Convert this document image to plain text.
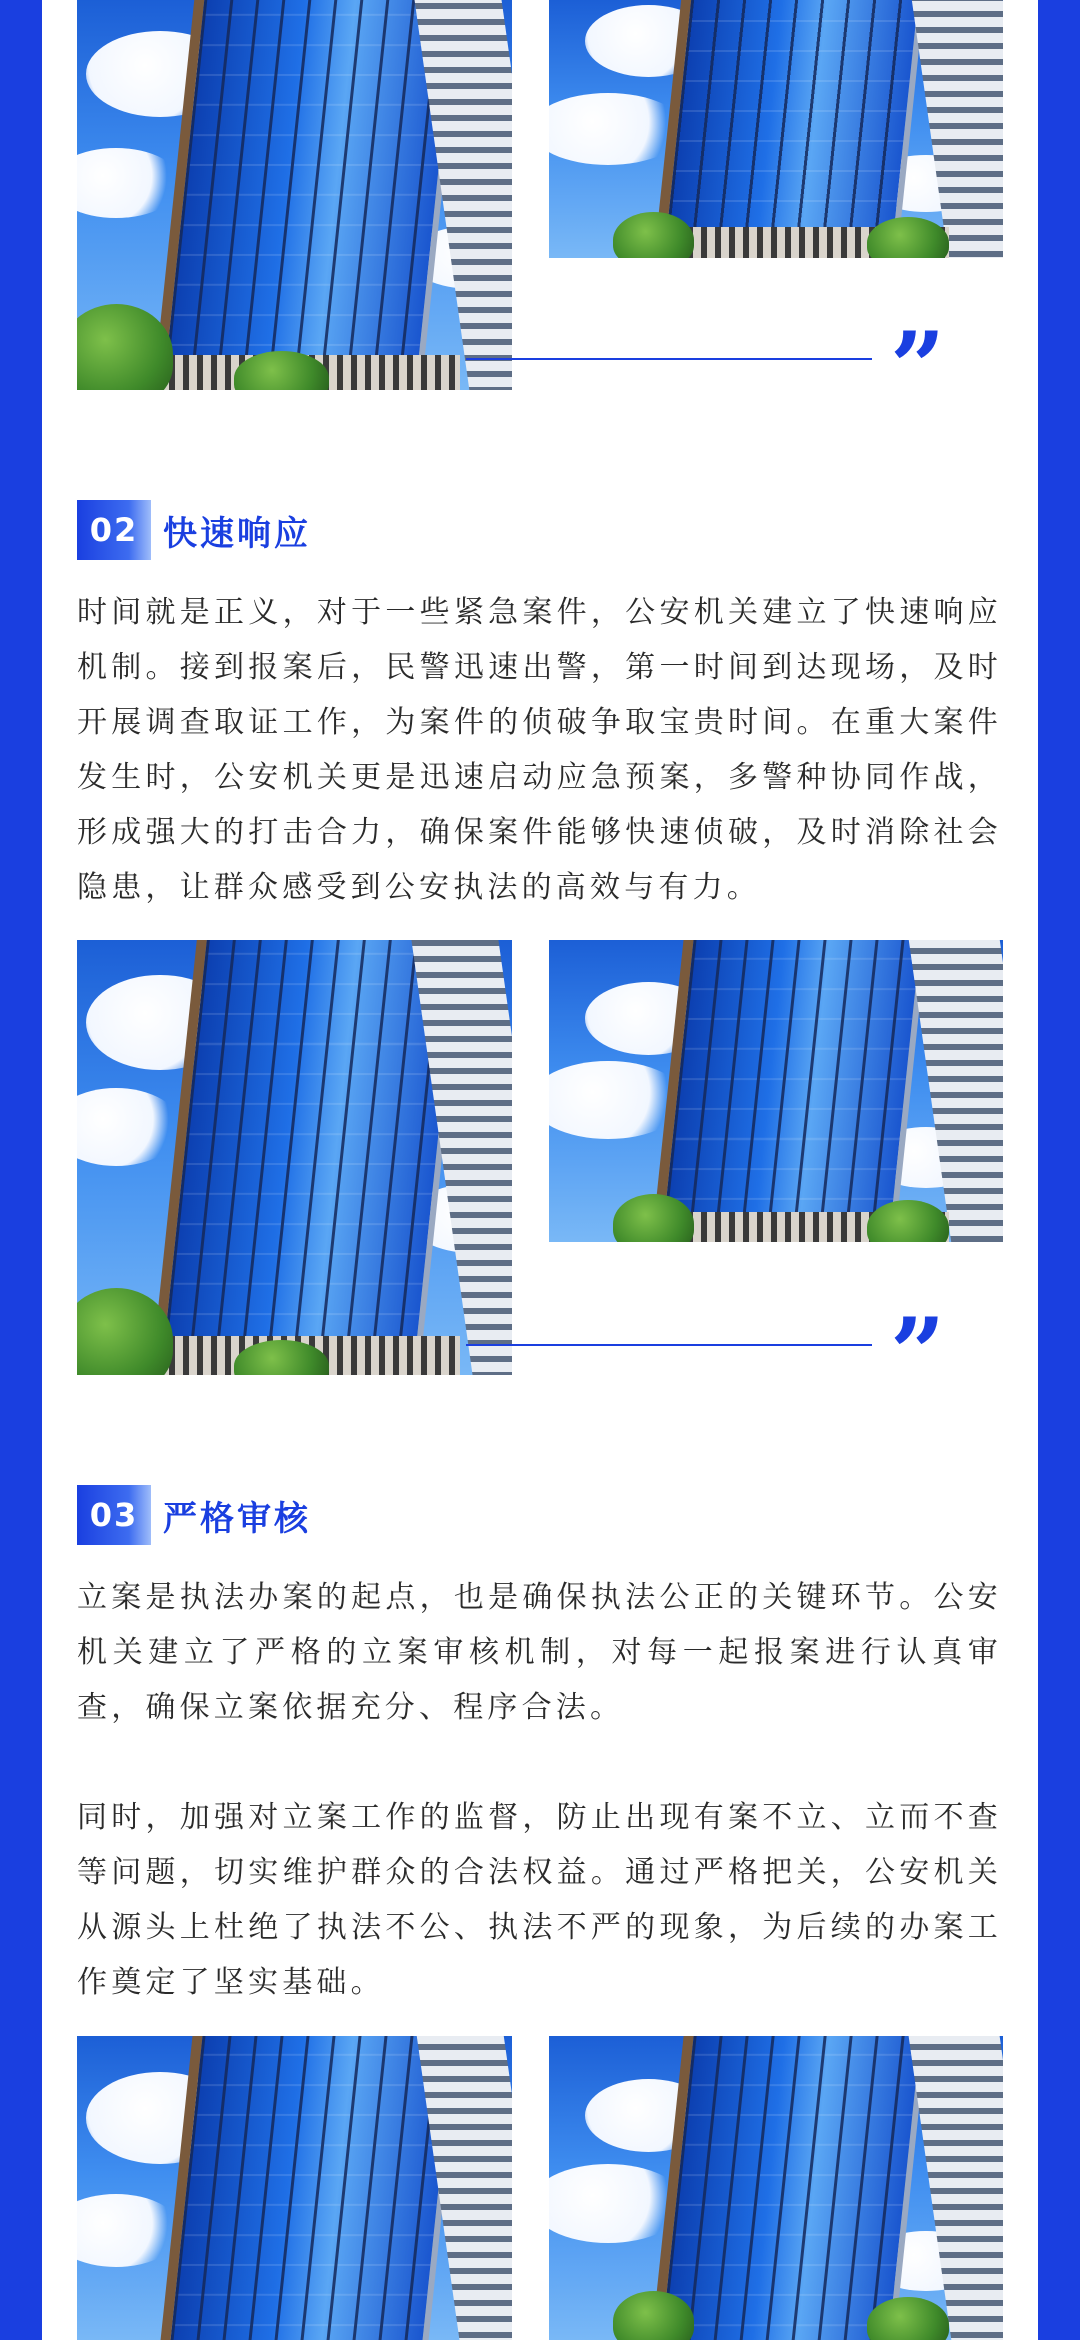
”
02 快速响应

时间就是正义，对于一些紧急案件，公安机关建立了快速响应机制。接到报案后，民警迅速出警，第一时间到达现场，及时开展调查取证工作，为案件的侦破争取宝贵时间。在重大案件发生时，公安机关更是迅速启动应急预案，多警种协同作战，形成强大的打击合力，确保案件能够快速侦破，及时消除社会隐患，让群众感受到公安执法的高效与有力。

”
03 严格审核

立案是执法办案的起点，也是确保执法公正的关键环节。公安机关建立了严格的立案审核机制，对每一起报案进行认真审查，确保立案依据充分、程序合法。

同时，加强对立案工作的监督，防止出现有案不立、立而不查等问题，切实维护群众的合法权益。通过严格把关，公安机关从源头上杜绝了执法不公、执法不严的现象，为后续的办案工作奠定了坚实基础。
